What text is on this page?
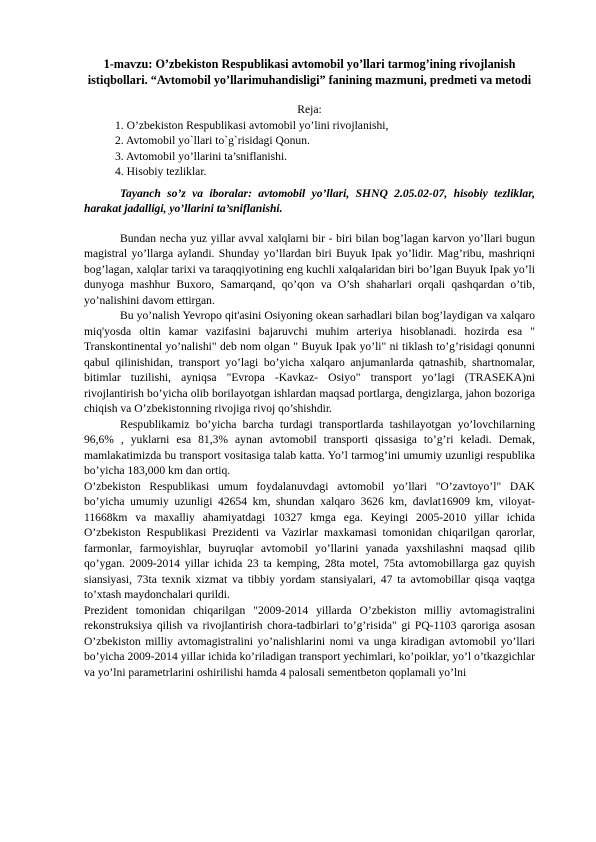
1-mavzu: O’zbekiston Respublikasi avtomobil yo’llari tarmog’ining rivojlanish istiqbollari. “Avtomobil yo’llarimuhandisligi” fanining mazmuni, predmeti va metodi
Reja:
1. O’zbekiston Respublikasi avtomobil yo’lini rivojlanishi,
2. Avtomobil yo`llari to`g`risidagi Qonun.
3. Avtomobil yo’llarini ta’sniflanishi.
4. Hisobiy tezliklar.
Tayanch so’z va iboralar: avtomobil yo’llari, SHNQ 2.05.02-07, hisobiy tezliklar, harakat jadalligi, yo’llarini ta’sniflanishi.

Bundan necha yuz yillar avval xalqlarni bir - biri bilan bog’lagan karvon yo’llari bugun magistral yo’llarga aylandi. Shunday yo’llardan biri Buyuk Ipak yo’lidir. Mag’ribu, mashriqni bog’lagan, xalqlar tarixi va taraqqiyotining eng kuchli xalqalaridan biri bo’lgan Buyuk Ipak yo’li dunyoga mashhur Buxoro, Samarqand, qo’qon va O’sh shaharlari orqali qashqardan o’tib, yo’nalishini davom ettirgan.

Bu yo’nalish Yevropo qit'asini Osiyoning okean sarhadlari bilan bog’laydigan va xalqaro miq'yosda oltin kamar vazifasini bajaruvchi muhim arteriya hisoblanadi. hozirda esa " Transkontinental yo’nalishi" deb nom olgan " Buyuk Ipak yo’li" ni tiklash to’g’risidagi qonunni qabul qilinishidan, transport yo’lagi bo’yicha xalqaro anjumanlarda qatnashib, shartnomalar, bitimlar tuzilishi, ayniqsa "Evropa -Kavkaz- Osiyo" transport yo’lagi (TRASEKA)ni rivojlantirish bo’yicha olib borilayotgan ishlardan maqsad portlarga, dengizlarga, jahon bozoriga chiqish va O’zbekistonning rivojiga rivoj qo’shishdir.

Respublikamiz bo’yicha barcha turdagi transportlarda tashilayotgan yo’lovchilarning 96,6% , yuklarni esa 81,3% aynan avtomobil transporti qissasiga to’g’ri keladi. Demak, mamlakatimizda bu transport vositasiga talab katta. Yo’l tarmog’ini umumiy uzunligi respublika bo’yicha 183,000 km dan ortiq.

O’zbekiston Respublikasi umum foydalanuvdagi avtomobil yo’llari "O’zavtoyo’l" DAK bo’yicha umumiy uzunligi 42654 km, shundan xalqaro 3626 km, davlat16909 km, viloyat-11668km va maxalliy ahamiyatdagi 10327 kmga ega. Keyingi 2005-2010 yillar ichida O’zbekiston Respublikasi Prezidenti va Vazirlar maxkamasi tomonidan chiqarilgan qarorlar, farmonlar, farmoyishlar, buyruqlar avtomobil yo’llarini yanada yaxshilashni maqsad qilib qo’ygan. 2009-2014 yillar ichida 23 ta kemping, 28ta motel, 75ta avtomobillarga gaz quyish siansiyasi, 73ta texnik xizmat va tibbiy yordam stansiyalari, 47 ta avtomobillar qisqa vaqtga to’xtash maydonchalari qurildi.

Prezident tomonidan chiqarilgan "2009-2014 yillarda O’zbekiston milliy avtomagistralini rekonstruksiya qilish va rivojlantirish chora-tadbirlari to’g’risida" gi PQ-1103 qaroriga asosan O’zbekiston milliy avtomagistralini yo’nalishlarini nomi va unga kiradigan avtomobil yo’llari bo’yicha 2009-2014 yillar ichida ko’riladigan transport yechimlari, ko’poiklar, yo’l o’tkazgichlar va yo’lni parametrlarini oshirilishi hamda 4 palosali sementbeton qoplamali yo’lni
